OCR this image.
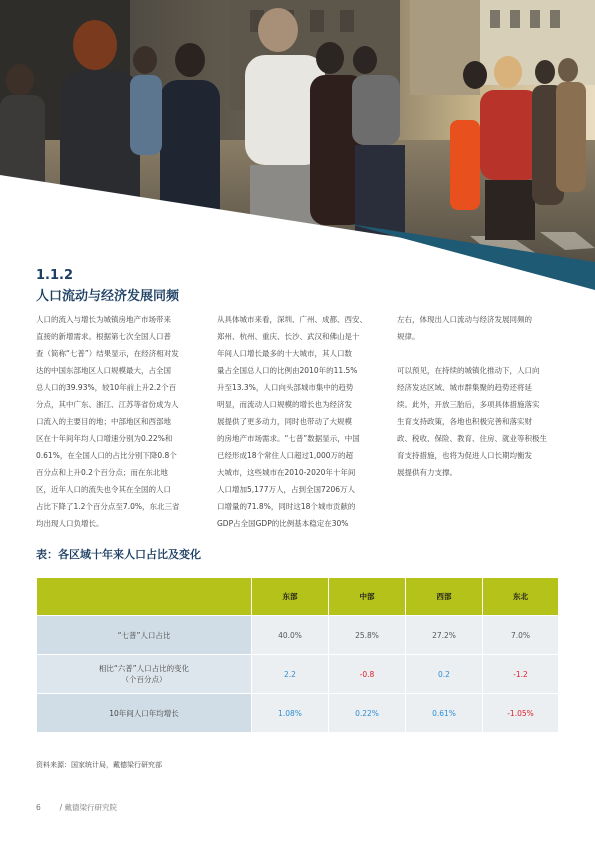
1.1.2
人口流动与经济发展同频
人口的流入与增长为城镇房地产市场带来
直接的新增需求。根据第七次全国人口普
查（简称“七普”）结果显示，在经济相对发
达的中国东部地区人口规模最大，占全国
总人口的39.93%，较10年前上升2.2个百
分点，其中广东、浙江、江苏等省份成为人
口流入的主要目的地；中部地区和西部地
区在十年间年均人口增速分别为0.22%和
0.61%，在全国人口的占比分别下降0.8个
百分点和上升0.2个百分点；而在东北地
区，近年人口的流失也令其在全国的人口
占比下降了1.2个百分点至7.0%，东北三省
均出现人口负增长。
从具体城市来看，深圳、广州、成都、西安、
郑州、杭州、重庆、长沙、武汉和佛山是十
年间人口增长最多的十大城市，其人口数
量占全国总人口的比例由2010年的11.5%
升至13.3%，人口向头部城市集中的趋势
明显，而流动人口规模的增长也为经济发
展提供了更多动力，同时也带动了大规模
的房地产市场需求。“七普”数据显示，中国
已经形成18个常住人口超过1,000万的超
大城市，这些城市在2010-2020年十年间
人口增加5,177万人，占到全国7206万人
口增量的71.8%，同时这18个城市贡献的
GDP占全国GDP的比例基本稳定在30%
左右，体现出人口流动与经济发展同频的
规律。
可以预见，在持续的城镇化推动下，人口向
经济发达区域、城市群集聚的趋势还将延
续。此外，开放三胎后，多项具体措施落实
生育支持政策，各地也积极完善和落实财
政、税收、保险、教育、住房、就业等积极生
育支持措施，也将为促进人口长期均衡发
展提供有力支撑。
表：各区域十年来人口占比及变化
	东部	中部	西部	东北
“七普”人口占比	40.0%	25.8%	27.2%	7.0%

相比“六普”人口占比的变化
（个百分点）	2.2	-0.8	0.2	-1.2
10年间人口年均增长	1.08%	0.22%	0.61%	-1.05%
资料来源：国家统计局，戴德梁行研究部
6	/ 戴德梁行研究院
